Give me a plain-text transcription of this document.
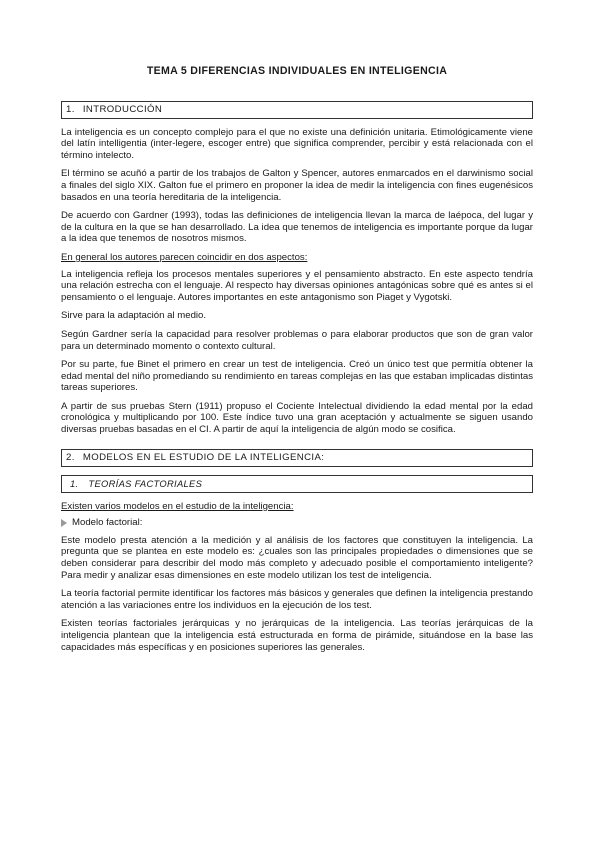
TEMA 5 DIFERENCIAS INDIVIDUALES EN INTELIGENCIA
1. INTRODUCCIÓN

La inteligencia es un concepto complejo para el que no existe una definición unitaria. Etimológicamente viene del latín intelligentia (inter-legere, escoger entre) que significa comprender, percibir y está relacionada con el término intelecto.

El término se acuñó a partir de los trabajos de Galton y Spencer, autores enmarcados en el darwinismo social a finales del siglo XIX. Galton fue el primero en proponer la idea de medir la inteligencia con fines eugenésicos basados en una teoría hereditaria de la inteligencia.

De acuerdo con Gardner (1993), todas las definiciones de inteligencia llevan la marca de laépoca, del lugar y de la cultura en la que se han desarrollado. La idea que tenemos de inteligencia es importante porque da lugar a la idea que tenemos de nosotros mismos.

En general los autores parecen coincidir en dos aspectos:

La inteligencia refleja los procesos mentales superiores y el pensamiento abstracto. En este aspecto tendría una relación estrecha con el lenguaje. Al respecto hay diversas opiniones antagónicas sobre qué es antes si el pensamiento o el lenguaje. Autores importantes en este antagonismo son Piaget y Vygotski.

Sirve para la adaptación al medio.

Según Gardner sería la capacidad para resolver problemas o para elaborar productos que son de gran valor para un determinado momento o contexto cultural.

Por su parte, fue Binet el primero en crear un test de inteligencia. Creó un único test que permitía obtener la edad mental del niño promediando su rendimiento en tareas complejas en las que estaban implicadas distintas tareas superiores.

A partir de sus pruebas Stern (1911) propuso el Cociente Intelectual dividiendo la edad mental por la edad cronológica y multiplicando por 100. Este índice tuvo una gran aceptación y actualmente se siguen usando diversas pruebas basadas en el CI. A partir de aquí la inteligencia de algún modo se cosifica.

2. MODELOS EN EL ESTUDIO DE LA INTELIGENCIA:
1. TEORÍAS FACTORIALES

Existen varios modelos en el estudio de la inteligencia:

Modelo factorial:

Este modelo presta atención a la medición y al análisis de los factores que constituyen la inteligencia. La pregunta que se plantea en este modelo es: ¿cuales son las principales propiedades o dimensiones que se deben considerar para describir del modo más completo y adecuado posible el comportamiento inteligente? Para medir y analizar esas dimensiones en este modelo utilizan los test de inteligencia.

La teoría factorial permite identificar los factores más básicos y generales que definen la inteligencia prestando atención a las variaciones entre los individuos en la ejecución de los test.

Existen teorías factoriales jerárquicas y no jerárquicas de la inteligencia. Las teorías jerárquicas de la inteligencia plantean que la inteligencia está estructurada en forma de pirámide, situándose en la base las capacidades más específicas y en posiciones superiores las generales.
